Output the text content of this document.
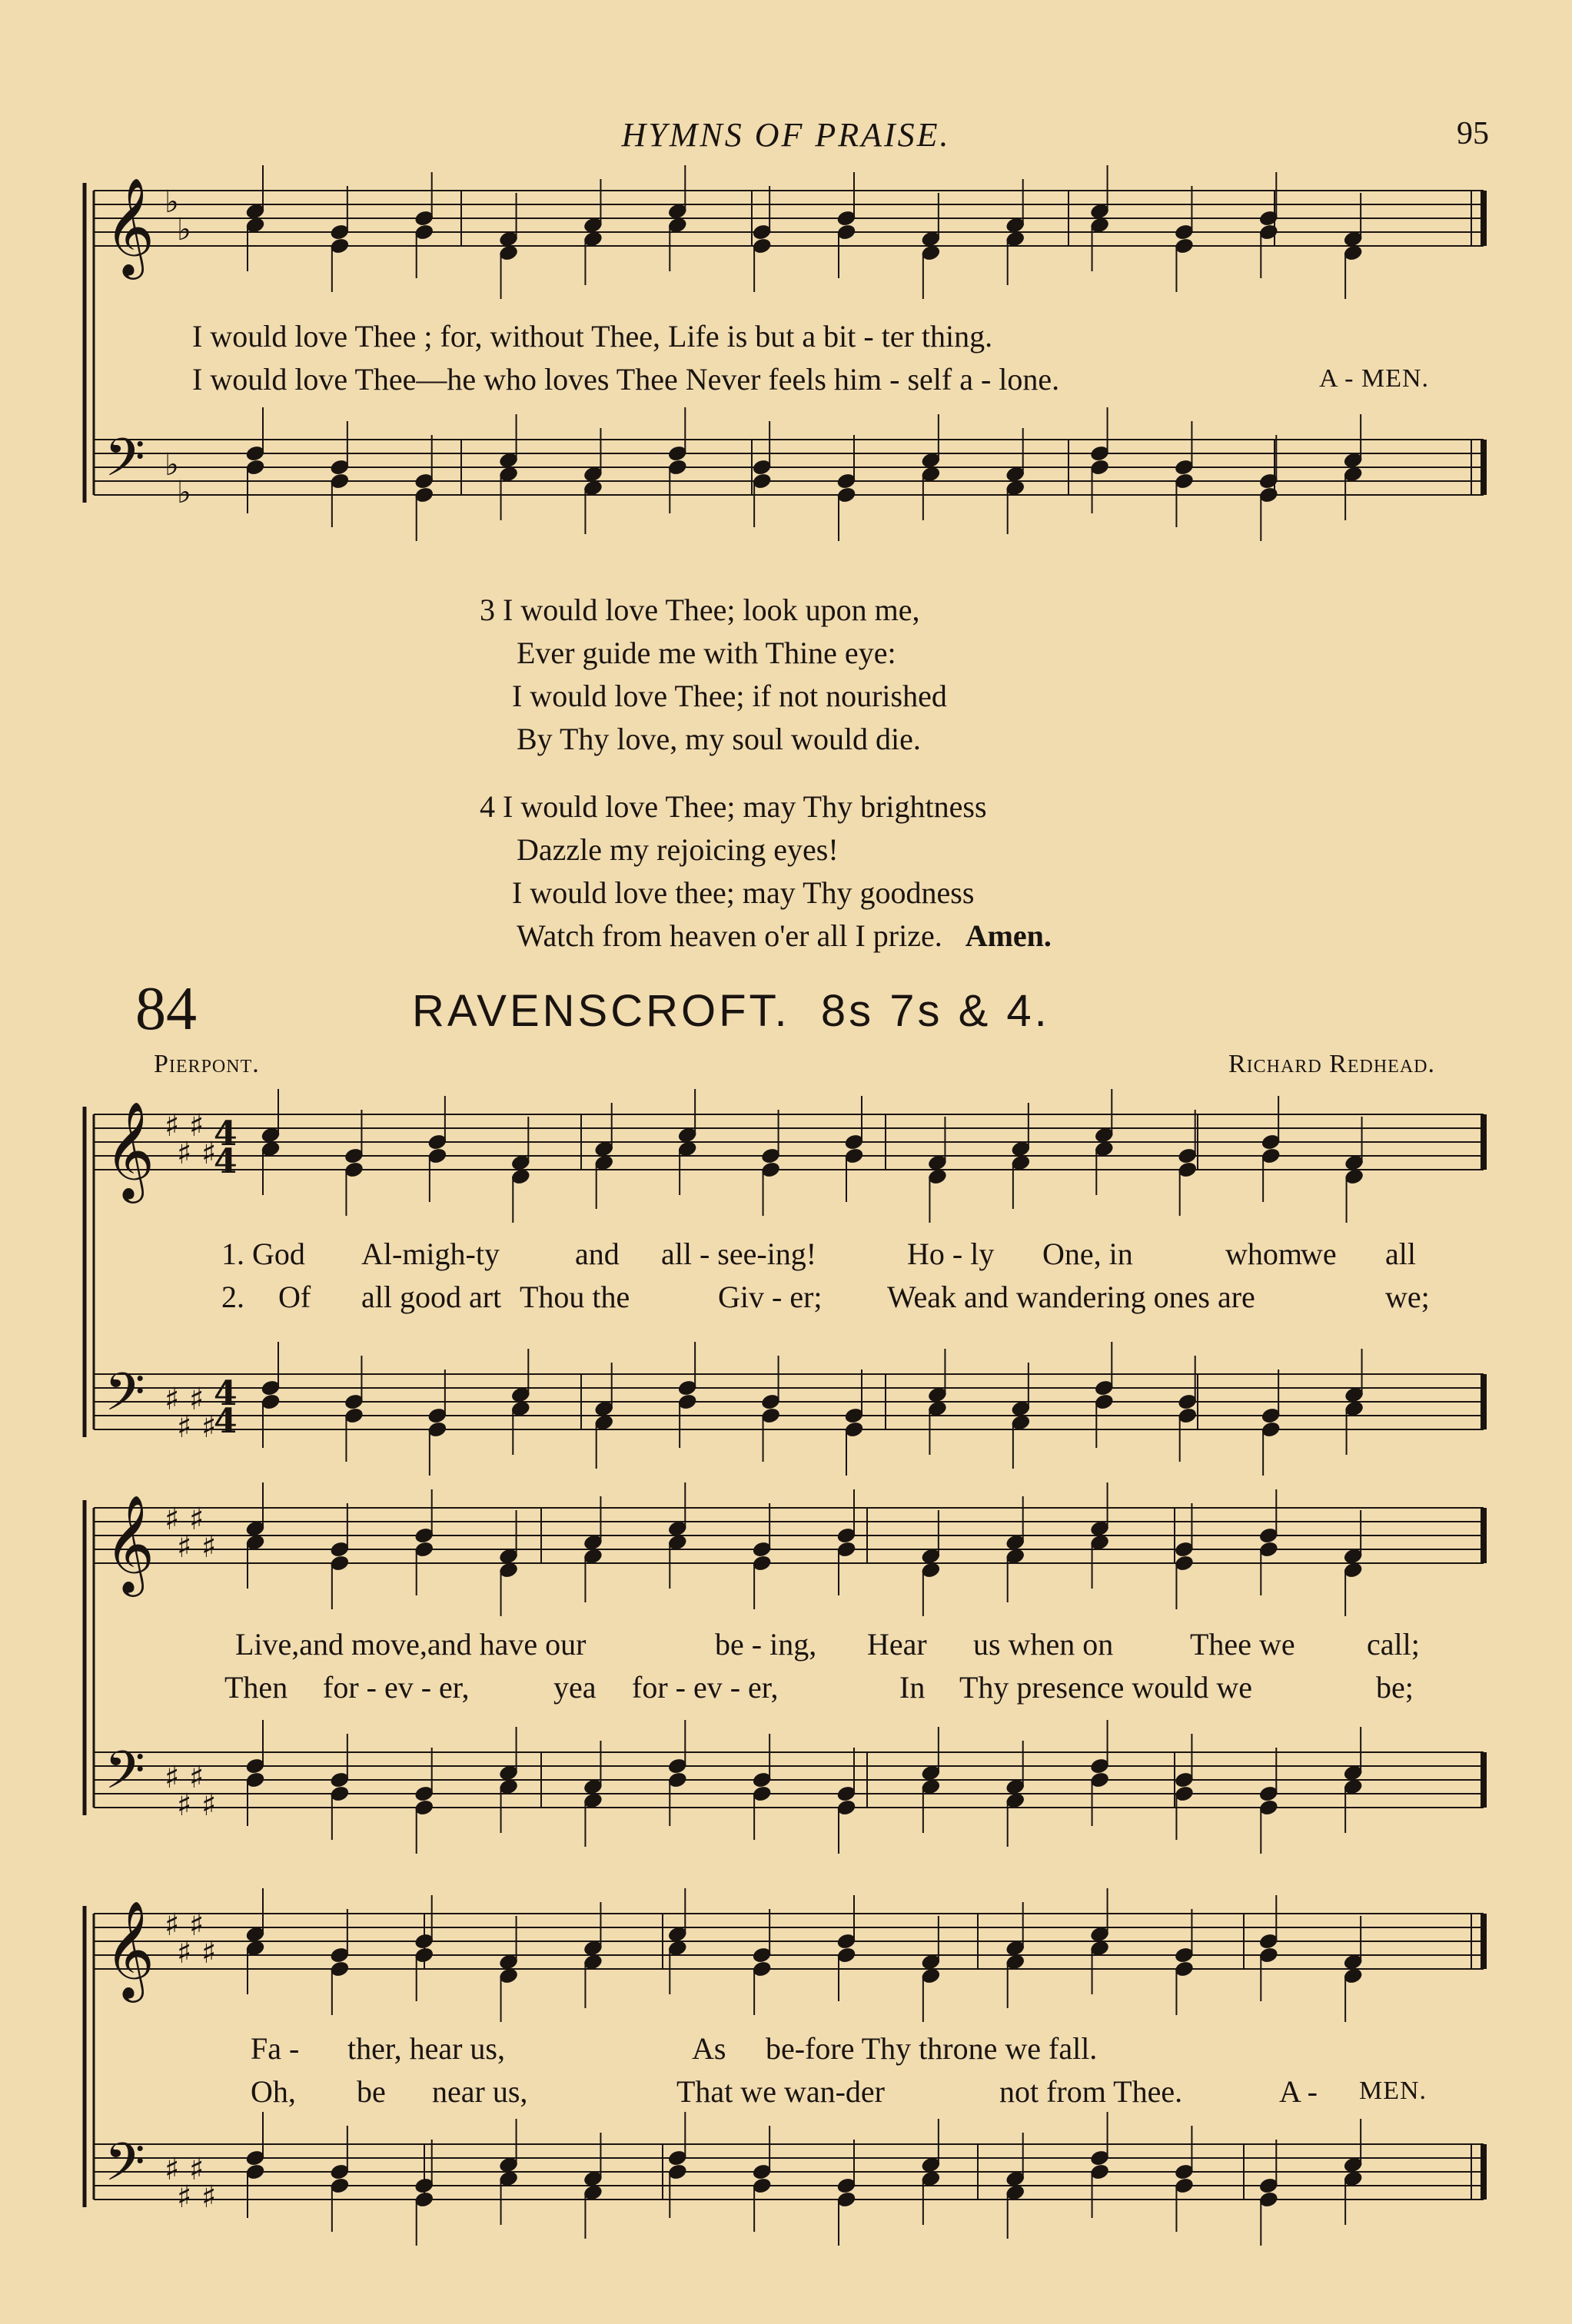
HYMNS OF PRAISE.	95
𝄞
𝄢
♭
♭
♭
♭
𝄞
𝄢
♯
♯
♯
♯
♯
♯
♯
♯
4
4
4
4
𝄞
𝄢
♯
♯
♯
♯
♯
♯
♯
♯
𝄞
𝄢
♯
♯
♯
♯
♯
♯
♯
♯
I would love Thee ; for, without Thee, Life is but a bit - ter thing.
I would love Thee—he who loves Thee Never feels him - self a - lone.	A - MEN.
3 I would love Thee; look upon me,
Ever guide me with Thine eye:
I would love Thee; if not nourished
By Thy love, my soul would die.
4 I would love Thee; may Thy brightness
Dazzle my rejoicing eyes!
I would love thee; may Thy goodness
Watch from heaven o'er all I prize. Amen.
84	RAVENSCROFT. 8s 7s & 4.
Pierpont.	Richard Redhead.
1. God Al-migh-ty and all - see-ing!	Ho - ly One, in	whom
we all
2. Of all good art Thou the	Giv - er; Weak and wandering ones are	we;
Live,and move,and have our	be - ing, Hear us when on Thee we call;
Then for - ev - er,	yea for - ev - er,	In Thy presence would we	be;
Fa - ther, hear us,	As be-fore Thy throne we fall.
Oh, be near us,	That we wan-der	not from Thee.	A - MEN.
